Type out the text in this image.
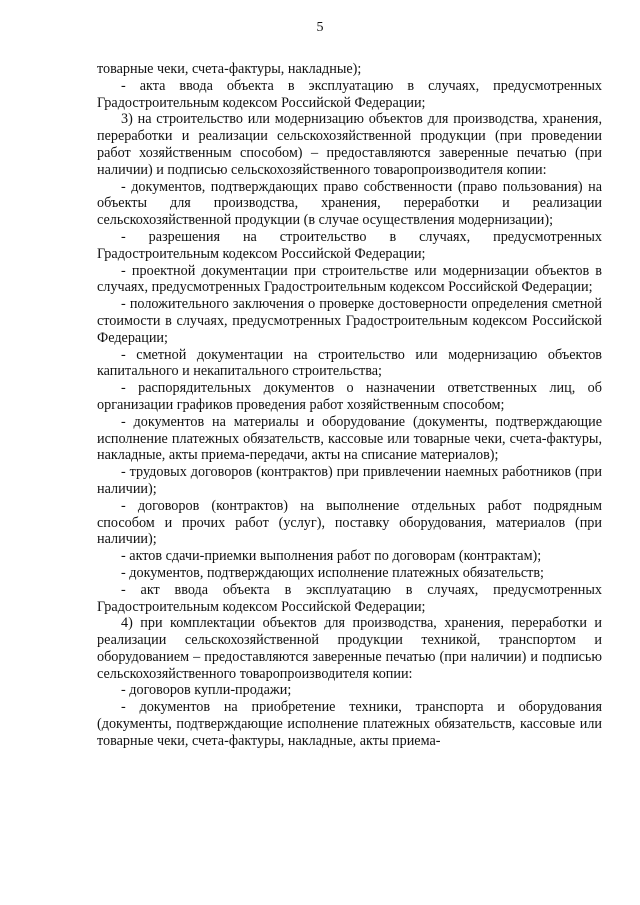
5

товарные чеки, счета-фактуры, накладные);

- акта ввода объекта в эксплуатацию в случаях, предусмотренных Градостроительным кодексом Российской Федерации;

3) на строительство или модернизацию объектов для производства, хранения, переработки и реализации сельскохозяйственной продукции (при проведении работ хозяйственным способом) – предоставляются заверенные печатью (при наличии) и подписью сельскохозяйственного товаропроизводителя копии:

- документов, подтверждающих право собственности (право пользования) на объекты для производства, хранения, переработки и реализации сельскохозяйственной продукции (в случае осуществления модернизации);

- разрешения на строительство в случаях, предусмотренных Градостроительным кодексом Российской Федерации;

- проектной документации при строительстве или модернизации объектов в случаях, предусмотренных Градостроительным кодексом Российской Федерации;

- положительного заключения о проверке достоверности определения сметной стоимости в случаях, предусмотренных Градостроительным кодексом Российской Федерации;

- сметной документации на строительство или модернизацию объектов капитального и некапитального строительства;

- распорядительных документов о назначении ответственных лиц, об организации графиков проведения работ хозяйственным способом;

- документов на материалы и оборудование (документы, подтверждающие исполнение платежных обязательств, кассовые или товарные чеки, счета-фактуры, накладные, акты приема-передачи, акты на списание материалов);

- трудовых договоров (контрактов) при привлечении наемных работников (при наличии);

- договоров (контрактов) на выполнение отдельных работ подрядным способом и прочих работ (услуг), поставку оборудования, материалов (при наличии);

- актов сдачи-приемки выполнения работ по договорам (контрактам);

- документов, подтверждающих исполнение платежных обязательств;

- акт ввода объекта в эксплуатацию в случаях, предусмотренных Градостроительным кодексом Российской Федерации;

4) при комплектации объектов для производства, хранения, переработки и реализации сельскохозяйственной продукции техникой, транспортом и оборудованием – предоставляются заверенные печатью (при наличии) и подписью сельскохозяйственного товаропроизводителя копии:

- договоров купли-продажи;

- документов на приобретение техники, транспорта и оборудования (документы, подтверждающие исполнение платежных обязательств, кассовые или товарные чеки, счета-фактуры, накладные, акты приема-
